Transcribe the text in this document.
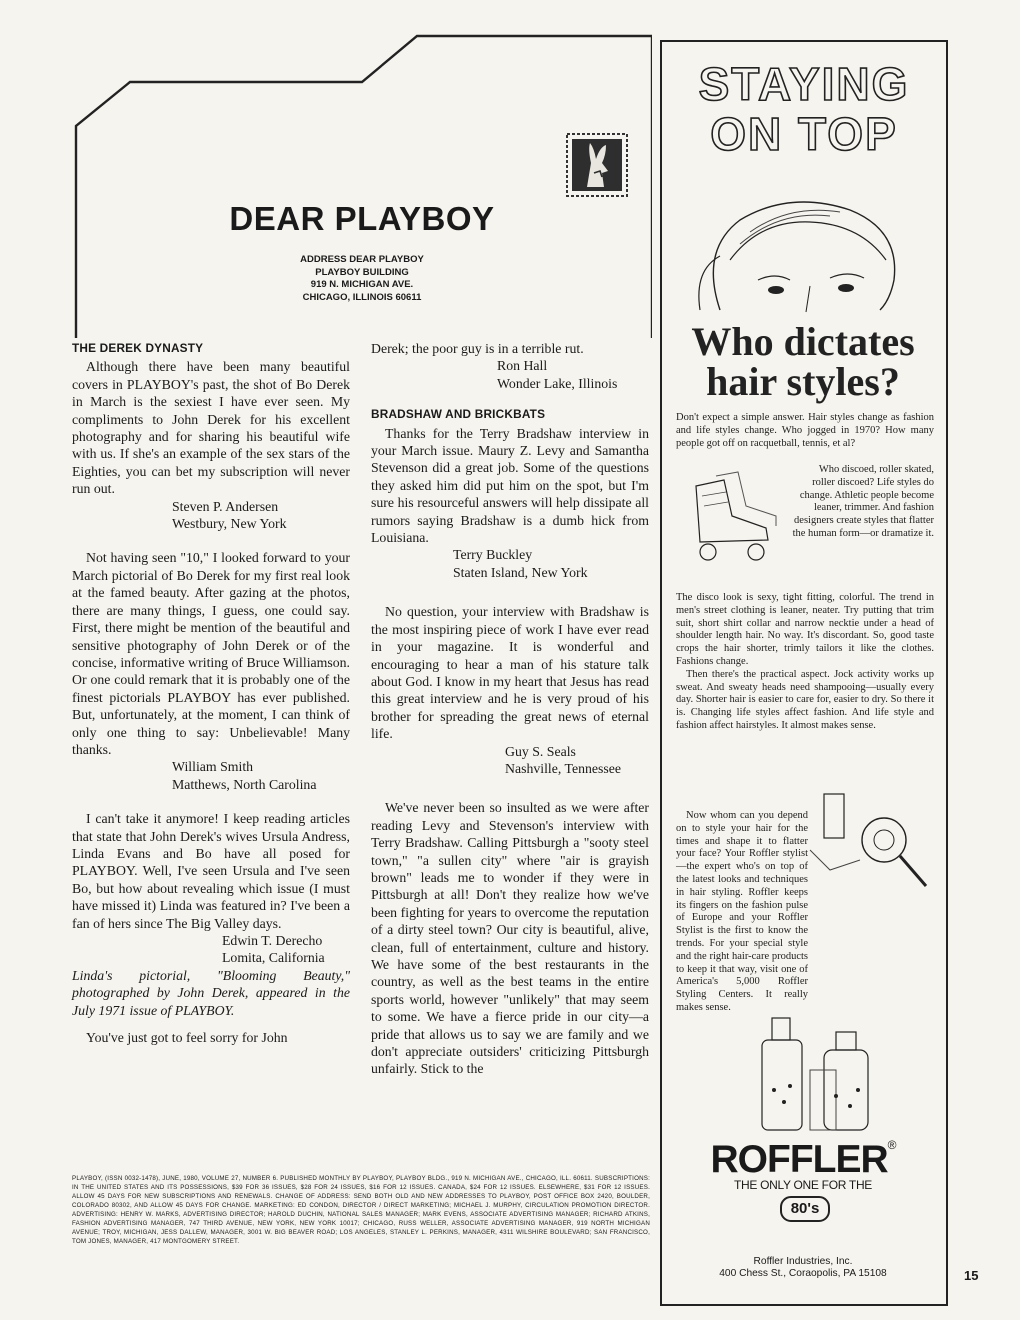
DEAR PLAYBOY
ADDRESS DEAR PLAYBOY
PLAYBOY BUILDING
919 N. MICHIGAN AVE.
CHICAGO, ILLINOIS 60611
THE DEREK DYNASTY

Although there have been many beautiful covers in PLAYBOY's past, the shot of Bo Derek in March is the sexiest I have ever seen. My compliments to John Derek for his excellent photography and for sharing his beautiful wife with us. If she's an example of the sex stars of the Eighties, you can bet my subscription will never run out.

Steven P. Andersen
Westbury, New York

Not having seen "10," I looked forward to your March pictorial of Bo Derek for my first real look at the famed beauty. After gazing at the photos, there are many things, I guess, one could say. First, there might be mention of the beautiful and sensitive photography of John Derek or of the concise, informative writing of Bruce Williamson. Or one could remark that it is probably one of the finest pictorials PLAYBOY has ever published. But, unfortunately, at the moment, I can think of only one thing to say: Unbelievable! Many thanks.

William Smith
Matthews, North Carolina

I can't take it anymore! I keep reading articles that state that John Derek's wives Ursula Andress, Linda Evans and Bo have all posed for PLAYBOY. Well, I've seen Ursula and I've seen Bo, but how about revealing which issue (I must have missed it) Linda was featured in? I've been a fan of hers since The Big Valley days.

Edwin T. Derecho
Lomita, California

Linda's pictorial, "Blooming Beauty," photographed by John Derek, appeared in the July 1971 issue of PLAYBOY.

You've just got to feel sorry for John

Derek; the poor guy is in a terrible rut.

Ron Hall
Wonder Lake, Illinois
BRADSHAW AND BRICKBATS

Thanks for the Terry Bradshaw interview in your March issue. Maury Z. Levy and Samantha Stevenson did a great job. Some of the questions they asked him did put him on the spot, but I'm sure his resourceful answers will help dissipate all rumors saying Bradshaw is a dumb hick from Louisiana.

Terry Buckley
Staten Island, New York

No question, your interview with Bradshaw is the most inspiring piece of work I have ever read in your magazine. It is wonderful and encouraging to hear a man of his stature talk about God. I know in my heart that Jesus has read this great interview and he is very proud of his brother for spreading the great news of eternal life.

Guy S. Seals
Nashville, Tennessee

We've never been so insulted as we were after reading Levy and Stevenson's interview with Terry Bradshaw. Calling Pittsburgh a "sooty steel town," "a sullen city" where "air is grayish brown" leads me to wonder if they were in Pittsburgh at all! Don't they realize how we've been fighting for years to overcome the reputation of a dirty steel town? Our city is beautiful, alive, clean, full of entertainment, culture and history. We have some of the best restaurants in the country, as well as the best teams in the entire sports world, however "unlikely" that may seem to some. We have a fierce pride in our city—a pride that allows us to say we are family and we don't appreciate outsiders' criticizing Pittsburgh unfairly. Stick to the

PLAYBOY, (ISSN 0032-1478), JUNE, 1980, VOLUME 27, NUMBER 6. PUBLISHED MONTHLY BY PLAYBOY, PLAYBOY BLDG., 919 N. MICHIGAN AVE., CHICAGO, ILL. 60611. SUBSCRIPTIONS: IN THE UNITED STATES AND ITS POSSESSIONS, $39 FOR 36 ISSUES, $28 FOR 24 ISSUES, $16 FOR 12 ISSUES. CANADA, $24 FOR 12 ISSUES. ELSEWHERE, $31 FOR 12 ISSUES. ALLOW 45 DAYS FOR NEW SUBSCRIPTIONS AND RENEWALS. CHANGE OF ADDRESS: SEND BOTH OLD AND NEW ADDRESSES TO PLAYBOY, POST OFFICE BOX 2420, BOULDER, COLORADO 80302, AND ALLOW 45 DAYS FOR CHANGE. MARKETING: ED CONDON, DIRECTOR / DIRECT MARKETING; MICHAEL J. MURPHY, CIRCULATION PROMOTION DIRECTOR. ADVERTISING: HENRY W. MARKS, ADVERTISING DIRECTOR; HAROLD DUCHIN, NATIONAL SALES MANAGER; MARK EVENS, ASSOCIATE ADVERTISING MANAGER; RICHARD ATKINS, FASHION ADVERTISING MANAGER, 747 THIRD AVENUE, NEW YORK, NEW YORK 10017; CHICAGO, RUSS WELLER, ASSOCIATE ADVERTISING MANAGER, 919 NORTH MICHIGAN AVENUE; TROY, MICHIGAN, JESS DALLEW, MANAGER, 3001 W. BIG BEAVER ROAD; LOS ANGELES, STANLEY L. PERKINS, MANAGER, 4311 WILSHIRE BOULEVARD; SAN FRANCISCO, TOM JONES, MANAGER, 417 MONTGOMERY STREET.
STAYING
ON TOP
Who dictates hair styles?

Don't expect a simple answer. Hair styles change as fashion and life styles change. Who jogged in 1970? How many people got off on racquetball, tennis, et al?

Who discoed, roller skated, roller discoed? Life styles do change. Athletic people become leaner, trimmer. And fashion designers create styles that flatter the human form—or dramatize it.

The disco look is sexy, tight fitting, colorful. The trend in men's street clothing is leaner, neater. Try putting that trim suit, short shirt collar and narrow necktie under a head of shoulder length hair. No way. It's discordant. So, good taste crops the hair shorter, trimly tailors it like the clothes. Fashions change.

Then there's the practical aspect. Jock activity works up sweat. And sweaty heads need shampooing—usually every day. Shorter hair is easier to care for, easier to dry. So there it is. Changing life styles affect fashion. And life style and fashion affect hairstyles. It almost makes sense.

Now whom can you depend on to style your hair for the times and shape it to flatter your face? Your Roffler stylist—the expert who's on top of the latest looks and techniques in hair styling. Roffler keeps its fingers on the fashion pulse of Europe and your Roffler Stylist is the first to know the trends. For your special style and the right hair-care products to keep it that way, visit one of America's 5,000 Roffler Styling Centers. It really makes sense.

ROFFLER®
THE ONLY ONE FOR THE
80's
Roffler Industries, Inc.
400 Chess St., Coraopolis, PA 15108	15
